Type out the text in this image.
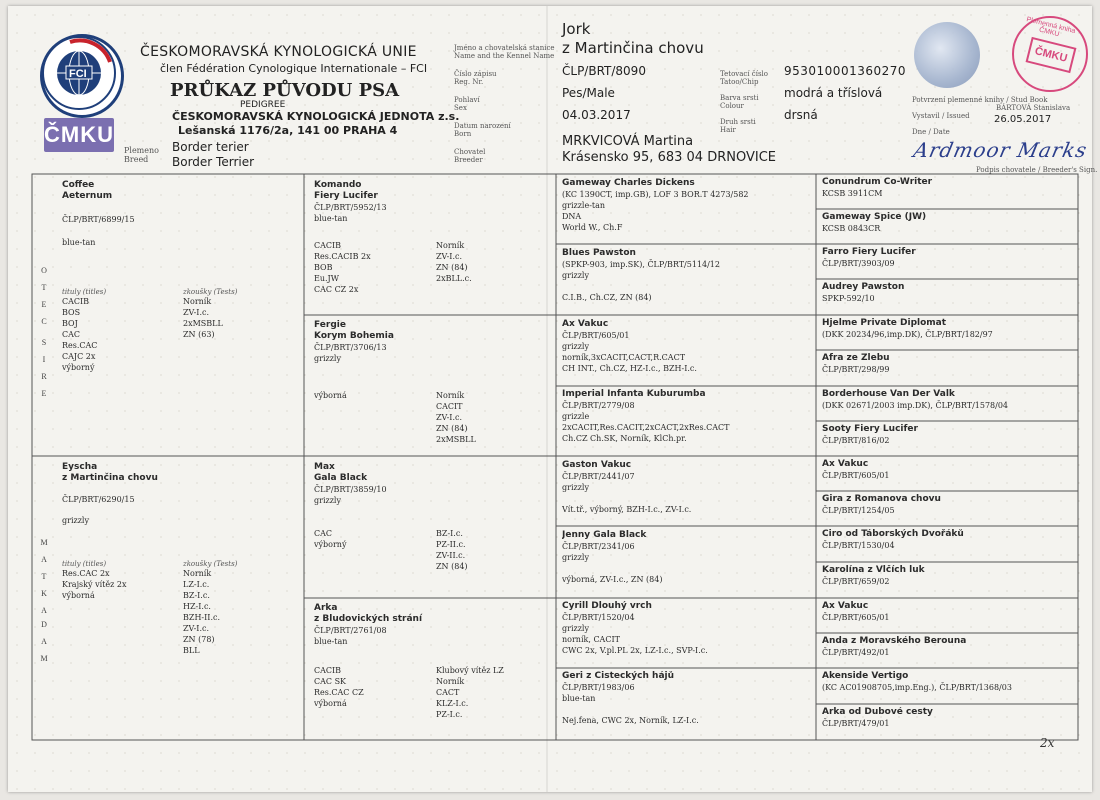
FCI
ČMKU
ČESKOMORAVSKÁ KYNOLOGICKÁ UNIE
člen Fédération Cynologique Internationale – FCI
PRŮKAZ PŮVODU PSA
PEDIGREE
ČESKOMORAVSKÁ KYNOLOGICKÁ JEDNOTA z.s.
Lešanská 1176/2a, 141 00 PRAHA 4
Plemeno
Breed
Border terier
Border Terrier
Jméno a chovatelská stanice
Name and the Kennel Name
Číslo zápisu
Reg. Nr.
Pohlaví
Sex
Datum narození
Born
Chovatel
Breeder
Jork
z Martinčina chovu
ČLP/BRT/8090
Pes/Male
04.03.2017
MRKVICOVÁ Martina
Krásensko 95, 683 04 DRNOVICE
Tetovací číslo
Tatoo/Chip
Barva srsti
Colour
Druh srsti
Hair
953010001360270
modrá a tříslová
drsná
Plemenná kniha ČMKU
ČMKU
Potvrzení plemenné knihy / Stud Book
BÁRTOVÁ Stanislava
Vystavil / Issued 26.05.2017
Dne / Date
Ardmoor Marks
Podpis chovatele / Breeder's Sign.
O
T
E
C
S
I
R
E
M
A
T
K
A
D
A
M
Coffee
Aeternum
ČLP/BRT/6899/15
blue-tan
tituly (titles)	zkoušky (Tests)
CACIB
BOS
BOJ
CAC
Res.CAC
CAJC 2x
výborný
Norník
ZV-I.c.
2xMSBLL
ZN (63)
Eyscha
z Martinčina chovu
ČLP/BRT/6290/15
grizzly
tituly (titles)	zkoušky (Tests)
Res.CAC 2x
Krajský vítěz 2x
výborná
Norník
LZ-I.c.
BZ-I.c.
HZ-I.c.
BZH-II.c.
ZV-I.c.
ZN (78)
BLL
Komando
Fiery Lucifer
ČLP/BRT/5952/13
blue-tan
CACIB
Res.CACIB 2x
BOB
Eu.JW
CAC CZ 2x
Norník
ZV-I.c.
ZN (84)
2xBLL.c.
Fergie
Korym Bohemia
ČLP/BRT/3706/13
grizzly
výborná	Norník
CACIT
ZV-I.c.
ZN (84)
2xMSBLL
Max
Gala Black
ČLP/BRT/3859/10
grizzly
CAC
výborný
BZ-I.c.
PZ-II.c.
ZV-II.c.
ZN (84)
Arka
z Bludovických strání
ČLP/BRT/2761/08
blue-tan
CACIB
CAC SK
Res.CAC CZ
výborná
Klubový vítěz LZ
Norník
CACT
KLZ-I.c.
PZ-I.c.
Gameway Charles Dickens
(KC 1390CT, imp.GB), LOF 3 BOR.T 4273/582
grizzle-tan
DNA
World W., Ch.F
Blues Pawston
(SPKP-903, imp.SK), ČLP/BRT/5114/12
grizzly
C.I.B., Ch.CZ, ZN (84)
Ax Vakuc
ČLP/BRT/605/01
grizzly
norník,3xCACIT,CACT,R.CACT
CH INT., Ch.CZ, HZ-I.c., BZH-I.c.
Imperial Infanta Kuburumba
ČLP/BRT/2779/08
grizzle
2xCACIT,Res.CACIT,2xCACT,2xRes.CACT
Ch.CZ Ch.SK, Norník, KlCh.pr.
Gaston Vakuc
ČLP/BRT/2441/07
grizzly
Vít.tř., výborný, BZH-I.c., ZV-I.c.
Jenny Gala Black
ČLP/BRT/2341/06
grizzly
výborná, ZV-I.c., ZN (84)
Cyrill Dlouhý vrch
ČLP/BRT/1520/04
grizzly
norník, CACIT
CWC 2x, V.pl.PL 2x, LZ-I.c., SVP-I.c.
Geri z Čisteckých hájů
ČLP/BRT/1983/06
blue-tan
Nej.fena, CWC 2x, Norník, LZ-I.c.
Conundrum Co-Writer
KCSB 3911CM
Gameway Spice (JW)
KCSB 0843CR
Farro Fiery Lucifer
ČLP/BRT/3903/09
Audrey Pawston
SPKP-592/10
Hjelme Private Diplomat
(DKK 20234/96,imp.DK), ČLP/BRT/182/97
Afra ze Žlebu
ČLP/BRT/298/99
Borderhouse Van Der Valk
(DKK 02671/2003 imp.DK), ČLP/BRT/1578/04
Sooty Fiery Lucifer
ČLP/BRT/816/02
Ax Vakuc
ČLP/BRT/605/01
Gira z Romanova chovu
ČLP/BRT/1254/05
Ciro od Táborských Dvořáků
ČLP/BRT/1530/04
Karolína z Vlčích luk
ČLP/BRT/659/02
Ax Vakuc
ČLP/BRT/605/01
Anda z Moravského Berouna
ČLP/BRT/492/01
Akenside Vertigo
(KC AC01908705,imp.Eng.), ČLP/BRT/1368/03
Arka od Dubové cesty
ČLP/BRT/479/01
2x
